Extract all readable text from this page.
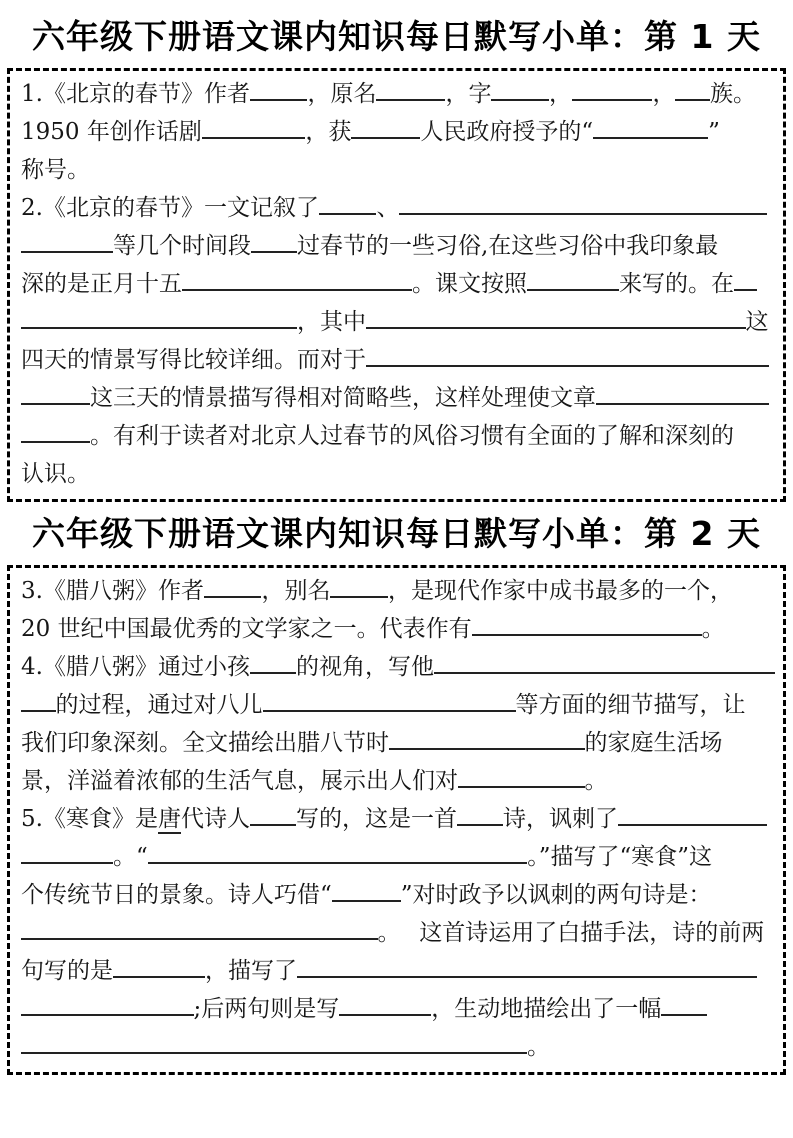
六年级下册语文课内知识每日默写小单：第 1 天
1.《北京的春节》作者	，原名	，字	，	， 族。
1950 年创作话剧	，获	人民政府授予的“	”
称号。
2.《北京的春节》一文记叙了	、
等几个时间段 过春节的一些习俗,在这些习俗中我印象最
深的是正月十五	。课文按照	来写的。在
，其中	这
四天的情景写得比较详细。而对于
这三天的情景描写得相对简略些，这样处理使文章
。有利于读者对北京人过春节的风俗习惯有全面的了解和深刻的
认识。
六年级下册语文课内知识每日默写小单：第 2 天
3.《腊八粥》作者	，别名	，是现代作家中成书最多的一个，
20 世纪中国最优秀的文学家之一。代表作有	。
4.《腊八粥》通过小孩 的视角，写他
的过程，通过对八儿	等方面的细节描写，让
我们印象深刻。全文描绘出腊八节时	的家庭生活场
景，洋溢着浓郁的生活气息，展示出人们对	。
5.《寒食》是唐代诗人 写的，这是一首 诗，讽刺了
。“	。”描写了“寒食”这
个传统节日的景象。诗人巧借“	”对时政予以讽刺的两句诗是：
。　 这首诗运用了白描手法，诗的前两
句写的是	，描写了
;后两句则是写	，生动地描绘出了一幅
。
